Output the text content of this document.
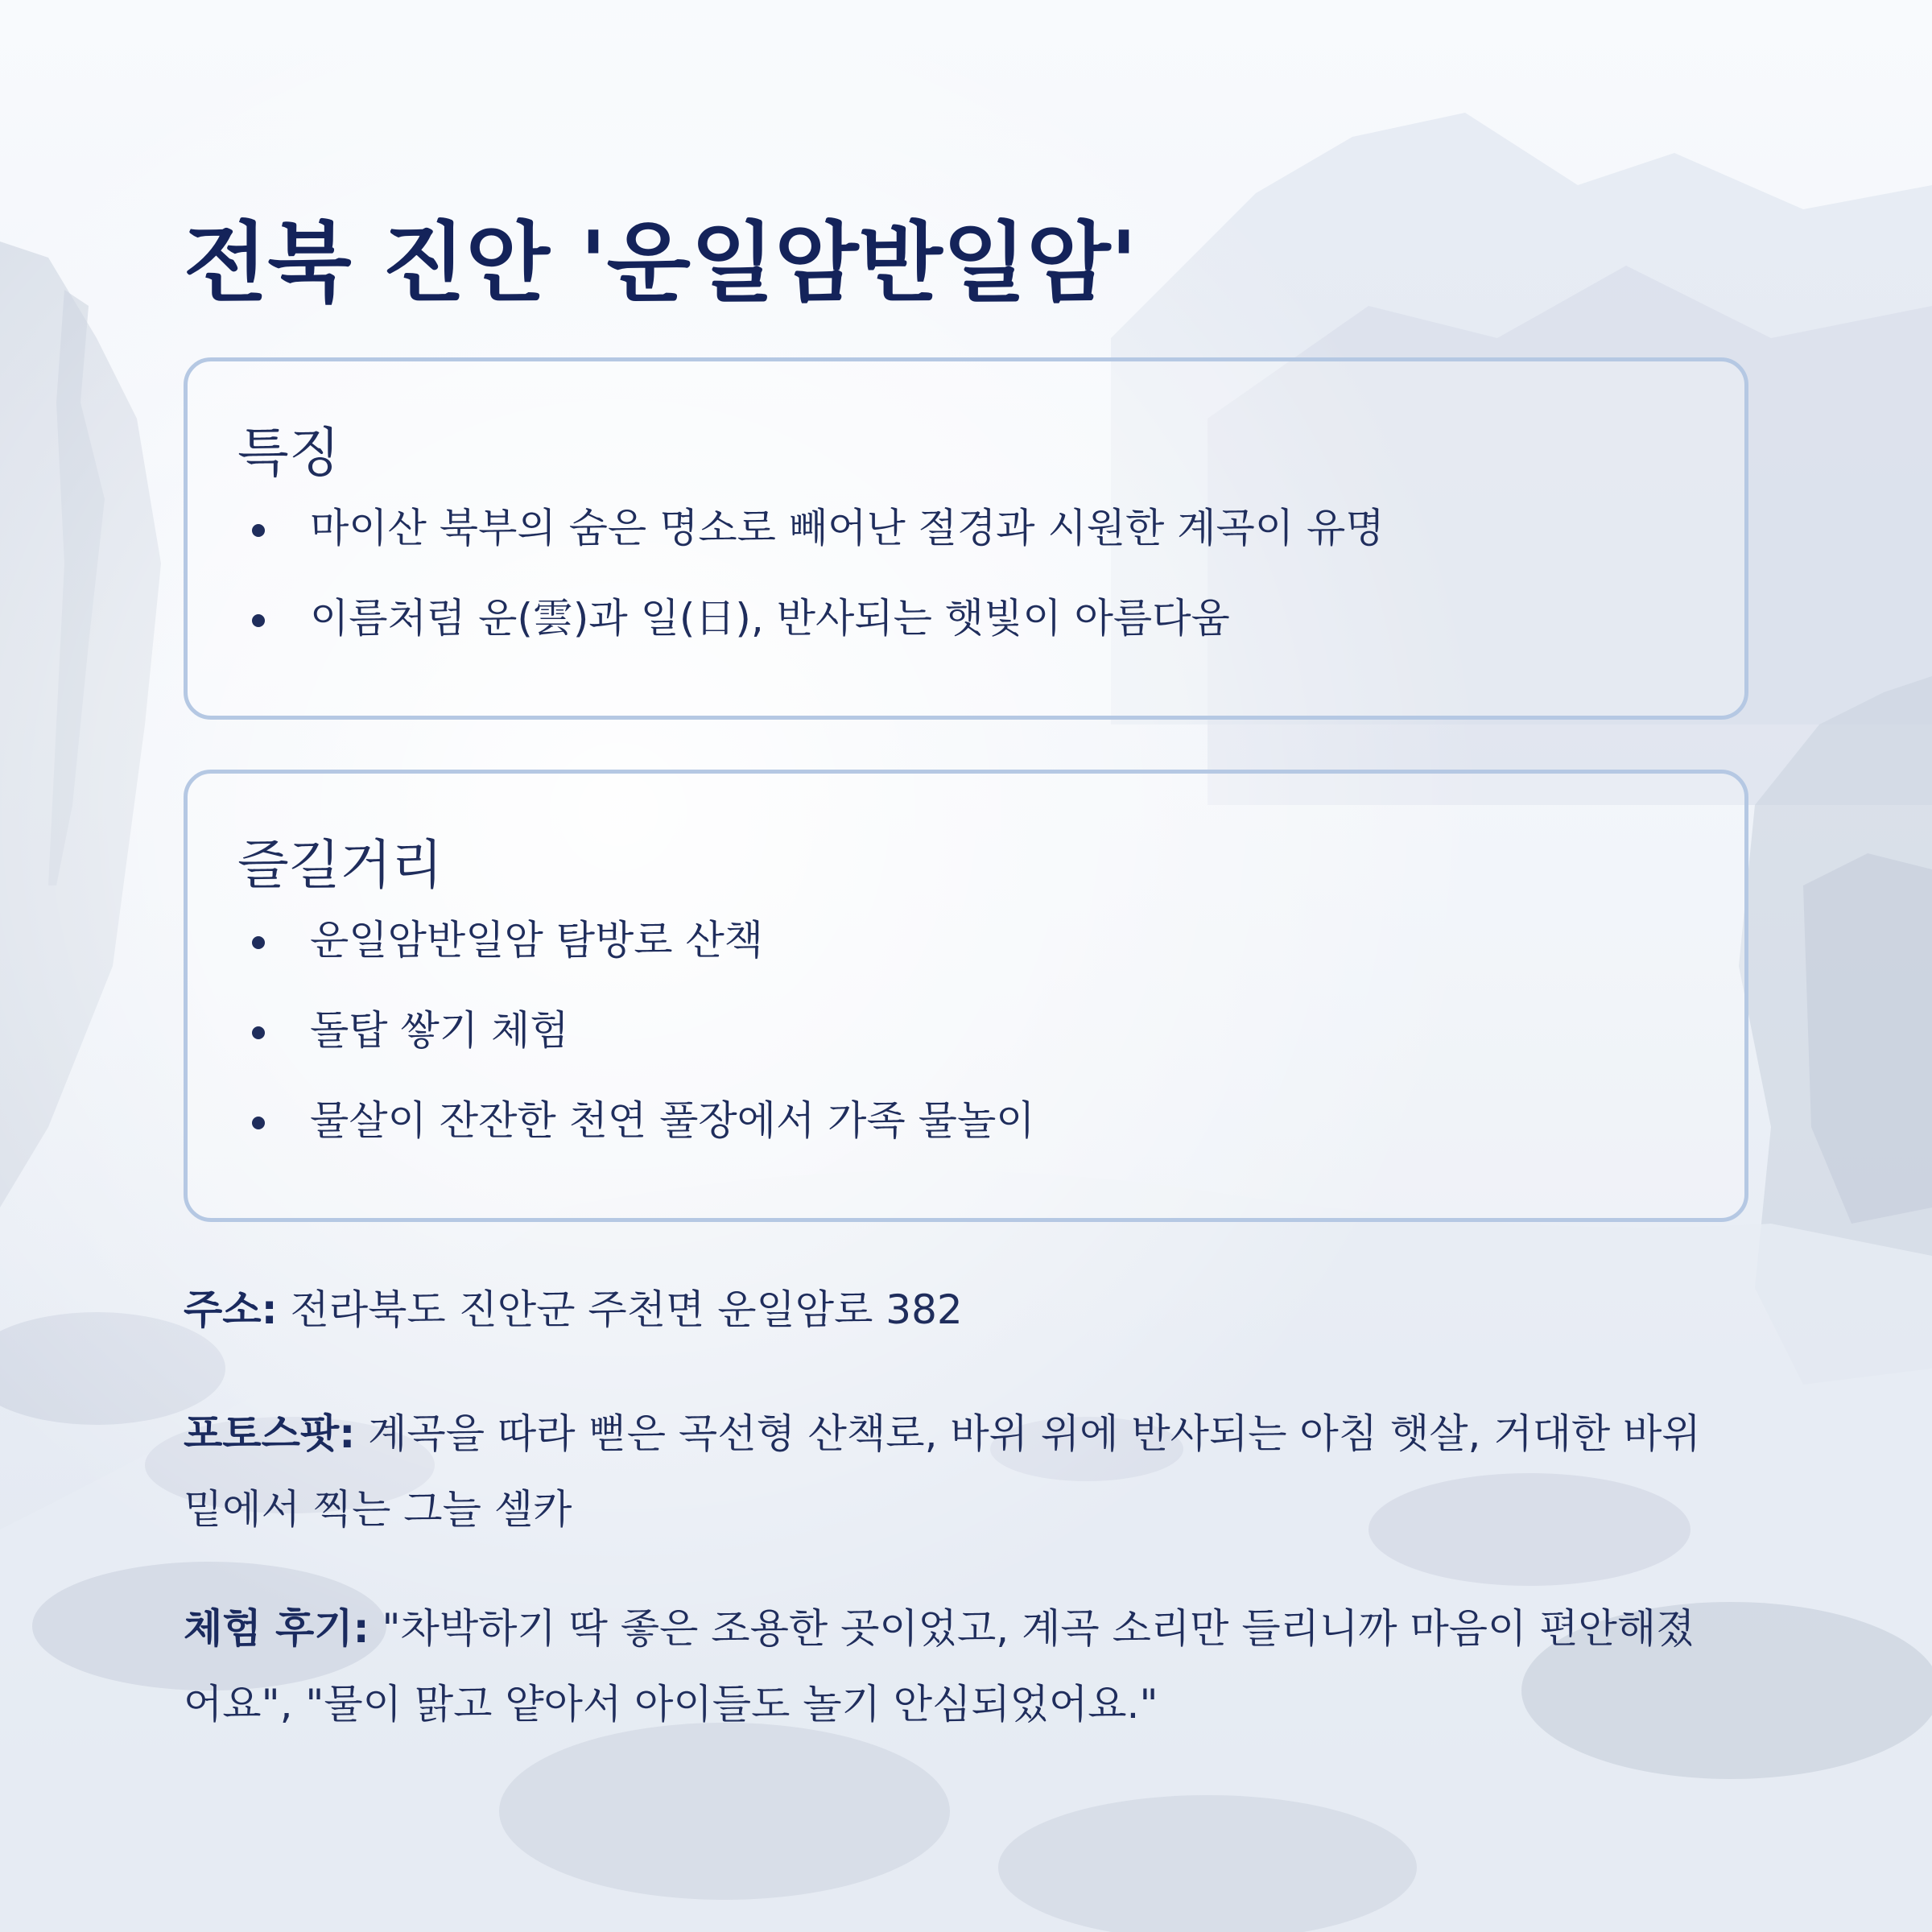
전북 진안 '운일암반일암'
특징
마이산 북부의 숨은 명소로 빼어난 절경과 시원한 계곡이 유명
이름처럼 운(雲)과 일(日), 반사되는 햇빛이 아름다움
즐길거리
운일암반일암 탐방로 산책
돌탑 쌓기 체험
물살이 잔잔한 천연 풀장에서 가족 물놀이

주소: 전라북도 진안군 주천면 운일암로 382

포토스팟: 계곡을 따라 뻗은 곡선형 산책로, 바위 위에 반사되는 아침 햇살, 거대한 바위 밑에서 찍는 그늘 셀카

체험 후기: "차박하기 딱 좋은 조용한 곳이었고, 계곡 소리만 들리니까 마음이 편안해졌어요", "물이 맑고 얕아서 아이들도 놀기 안심되었어요."
